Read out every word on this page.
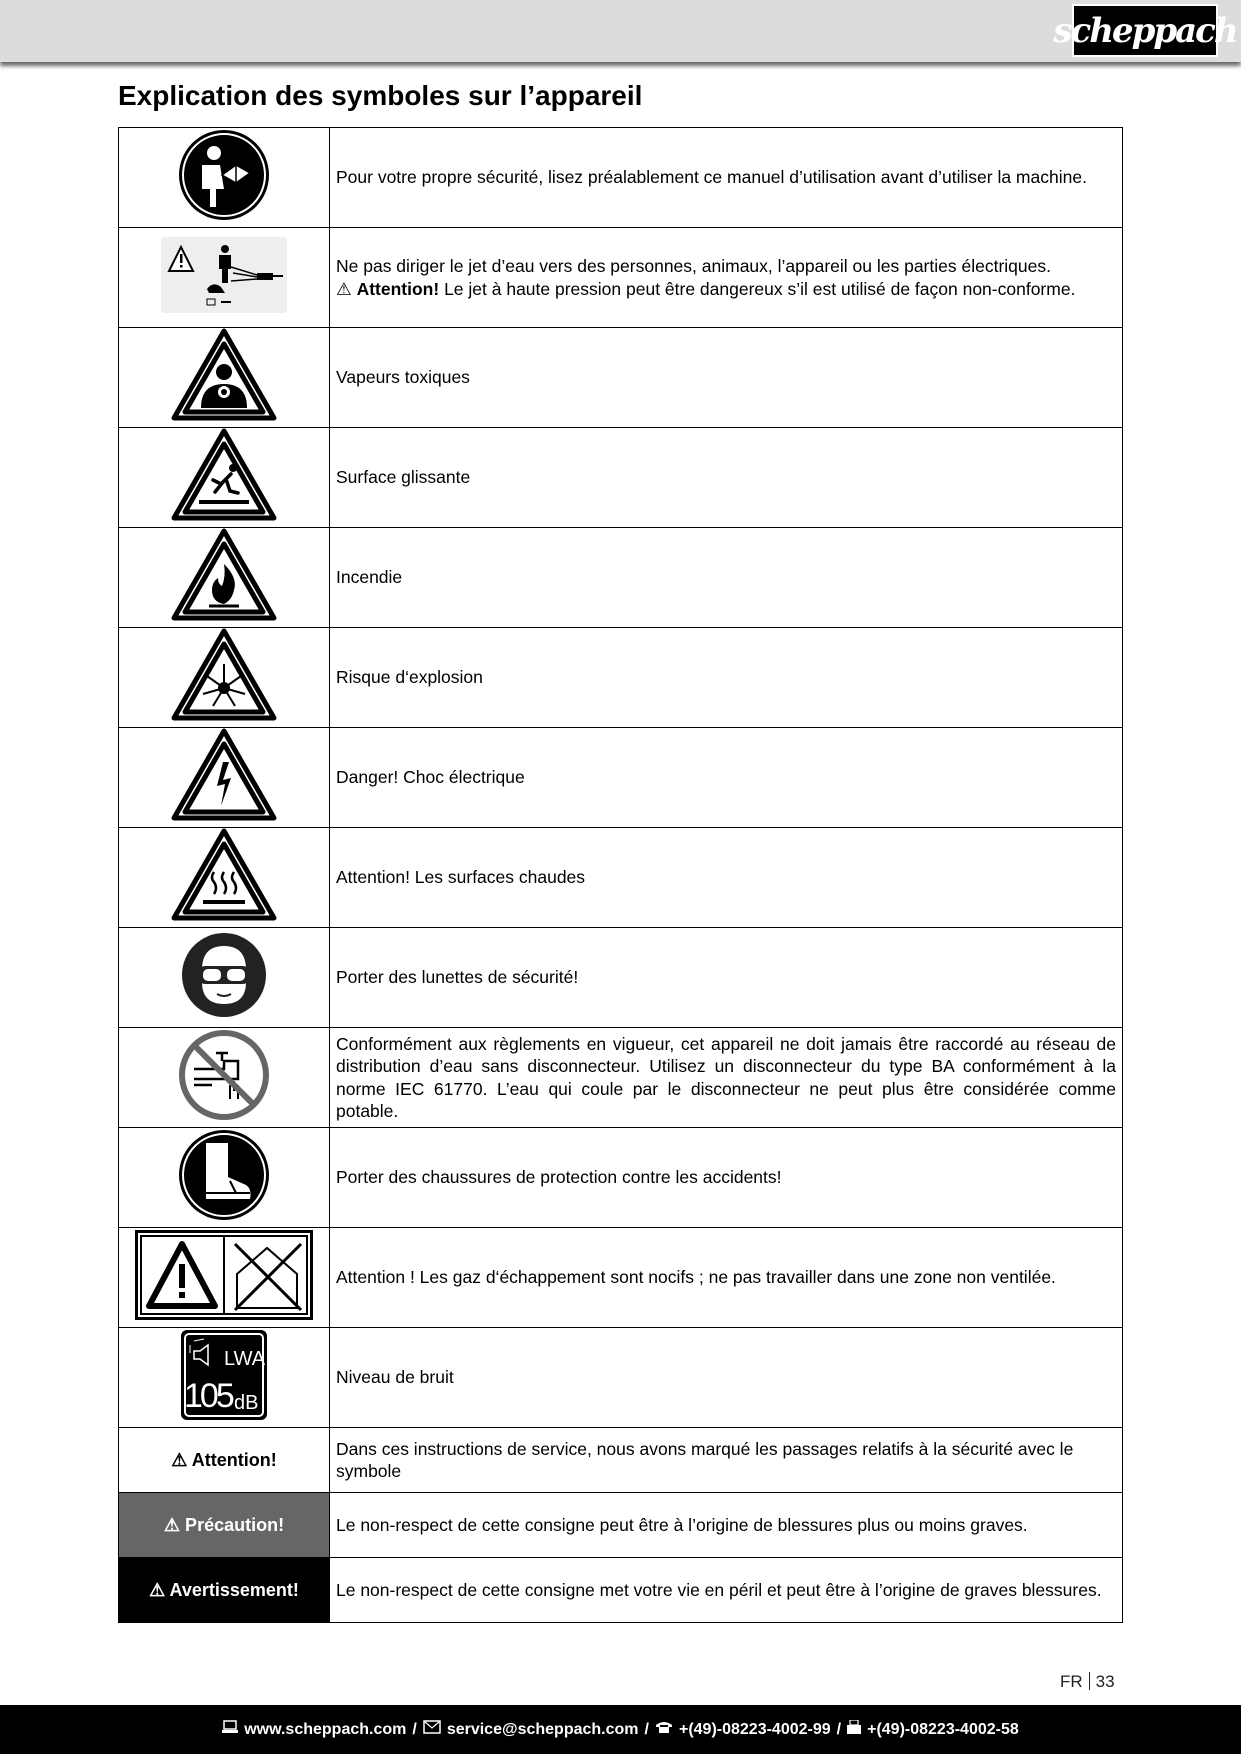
scheppach
Explication des symboles sur l’appareil
	Pour votre propre sécurité, lisez préalablement ce manuel d’utilisation avant d’utiliser la machine.
	Ne pas diriger le jet d’eau vers des personnes, animaux, l’appareil ou les parties électriques.
⚠ Attention! Le jet à haute pression peut être dangereux s’il est utilisé de façon non-conforme.
	Vapeurs toxiques
	Surface glissante
	Incendie
	Risque d‘explosion
	Danger! Choc électrique
	Attention! Les surfaces chaudes
	Porter des lunettes de sécurité!
	Conformément aux règlements en vigueur, cet appareil ne doit jamais être raccordé au réseau de distribution d’eau sans disconnecteur. Utilisez un disconnecteur du type BA conformément à la norme IEC 61770. L’eau qui coule par le disconnecteur ne peut plus être considérée comme potable.
	Porter des chaussures de protection contre les accidents!
	Attention ! Les gaz d‘échappement sont nocifs ; ne pas travailler dans une zone non ventilée.

LWA
105 dB	Niveau de bruit
⚠ Attention!	Dans ces instructions de service, nous avons marqué les passages relatifs à la sécurité avec le symbole
⚠ Précaution!	Le non-respect de cette consigne peut être à l’origine de blessures plus ou moins graves.
⚠ Avertissement!	Le non-respect de cette consigne met votre vie en péril et peut être à l’origine de graves blessures.
FR 33
www.scheppach.com / service@scheppach.com / +(49)-08223-4002-99 / +(49)-08223-4002-58
